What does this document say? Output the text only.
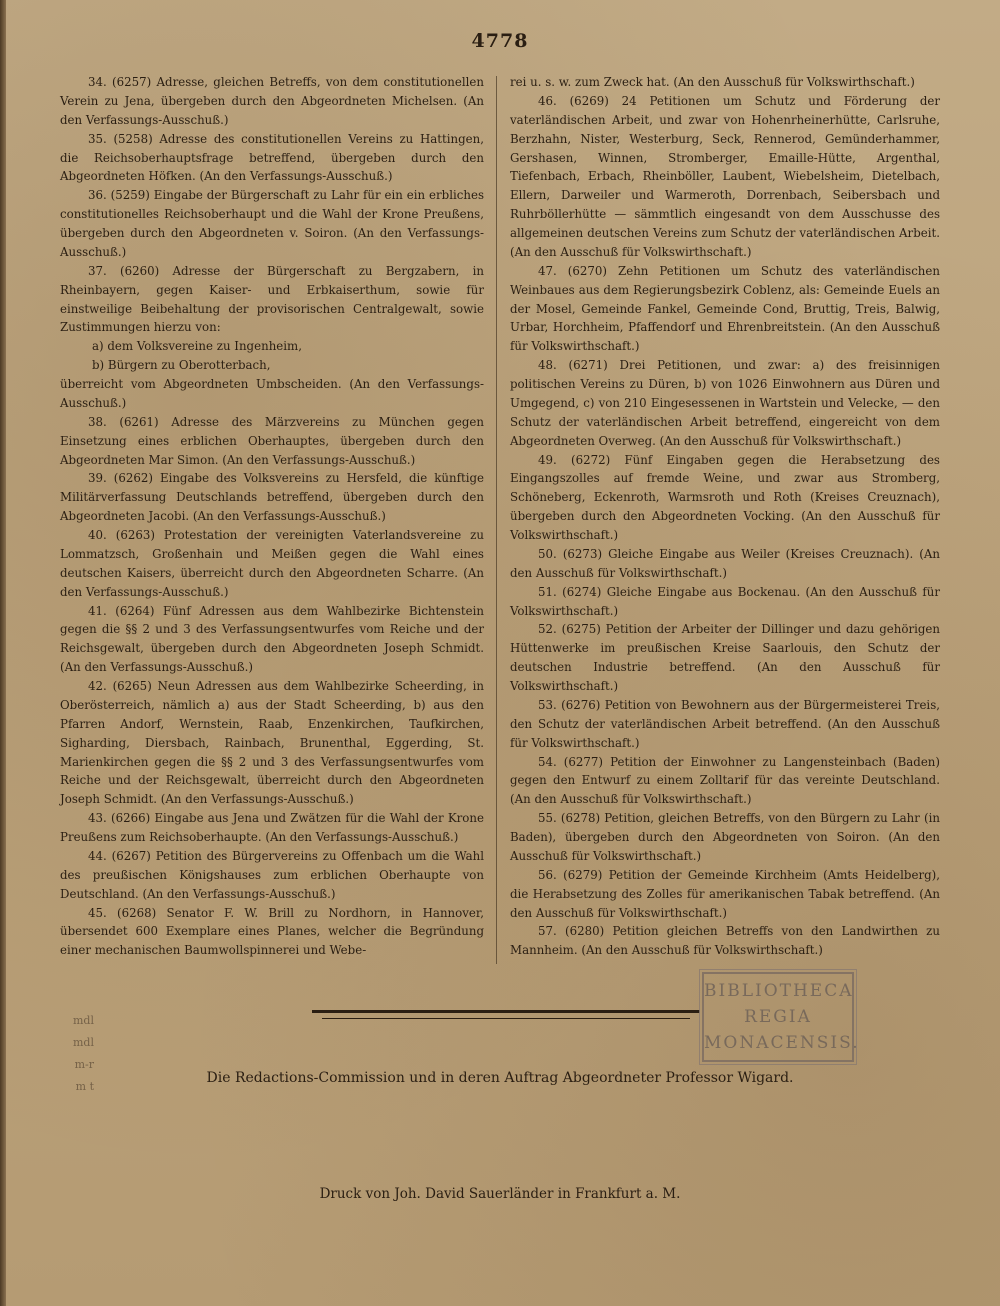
4778

34. (6257) Adresse, gleichen Betreffs, von dem constitutionellen Verein zu Jena, übergeben durch den Abgeordneten Michelsen. (An den Verfassungs-Ausschuß.)

35. (5258) Adresse des constitutionellen Vereins zu Hattingen, die Reichsoberhauptsfrage betreffend, übergeben durch den Abgeordneten Höfken. (An den Verfassungs-Ausschuß.)

36. (5259) Eingabe der Bürgerschaft zu Lahr für ein ein erbliches constitutionelles Reichsoberhaupt und die Wahl der Krone Preußens, übergeben durch den Abgeordneten v. Soiron. (An den Verfassungs-Ausschuß.)

37. (6260) Adresse der Bürgerschaft zu Bergzabern, in Rheinbayern, gegen Kaiser- und Erbkaiserthum, sowie für einstweilige Beibehaltung der provisorischen Centralgewalt, sowie Zustimmungen hierzu von:

a) dem Volksvereine zu Ingenheim,

b) Bürgern zu Oberotterbach,

überreicht vom Abgeordneten Umbscheiden. (An den Verfassungs-Ausschuß.)

38. (6261) Adresse des Märzvereins zu München gegen Einsetzung eines erblichen Oberhauptes, übergeben durch den Abgeordneten Mar Simon. (An den Verfassungs-Ausschuß.)

39. (6262) Eingabe des Volksvereins zu Hersfeld, die künftige Militärverfassung Deutschlands betreffend, übergeben durch den Abgeordneten Jacobi. (An den Verfassungs-Ausschuß.)

40. (6263) Protestation der vereinigten Vaterlandsvereine zu Lommatzsch, Großenhain und Meißen gegen die Wahl eines deutschen Kaisers, überreicht durch den Abgeordneten Scharre. (An den Verfassungs-Ausschuß.)

41. (6264) Fünf Adressen aus dem Wahlbezirke Bichtenstein gegen die §§ 2 und 3 des Verfassungsentwurfes vom Reiche und der Reichsgewalt, übergeben durch den Abgeordneten Joseph Schmidt. (An den Verfassungs-Ausschuß.)

42. (6265) Neun Adressen aus dem Wahlbezirke Scheerding, in Oberösterreich, nämlich a) aus der Stadt Scheerding, b) aus den Pfarren Andorf, Wernstein, Raab, Enzenkirchen, Taufkirchen, Sigharding, Diersbach, Rainbach, Brunenthal, Eggerding, St. Marienkirchen gegen die §§ 2 und 3 des Verfassungsentwurfes vom Reiche und der Reichsgewalt, überreicht durch den Abgeordneten Joseph Schmidt. (An den Verfassungs-Ausschuß.)

43. (6266) Eingabe aus Jena und Zwätzen für die Wahl der Krone Preußens zum Reichsoberhaupte. (An den Verfassungs-Ausschuß.)

44. (6267) Petition des Bürgervereins zu Offenbach um die Wahl des preußischen Königshauses zum erblichen Oberhaupte von Deutschland. (An den Verfassungs-Ausschuß.)

45. (6268) Senator F. W. Brill zu Nordhorn, in Hannover, übersendet 600 Exemplare eines Planes, welcher die Begründung einer mechanischen Baumwollspinnerei und Webe-

rei u. s. w. zum Zweck hat. (An den Ausschuß für Volkswirthschaft.)

46. (6269) 24 Petitionen um Schutz und Förderung der vaterländischen Arbeit, und zwar von Hohenrheinerhütte, Carlsruhe, Berzhahn, Nister, Westerburg, Seck, Rennerod, Gemünderhammer, Gershasen, Winnen, Stromberger, Emaille-Hütte, Argenthal, Tiefenbach, Erbach, Rheinböller, Laubent, Wiebelsheim, Dietelbach, Ellern, Darweiler und Warmeroth, Dorrenbach, Seibersbach und Ruhrböllerhütte — sämmtlich eingesandt von dem Ausschusse des allgemeinen deutschen Vereins zum Schutz der vaterländischen Arbeit. (An den Ausschuß für Volkswirthschaft.)

47. (6270) Zehn Petitionen um Schutz des vaterländischen Weinbaues aus dem Regierungsbezirk Coblenz, als: Gemeinde Euels an der Mosel, Gemeinde Fankel, Gemeinde Cond, Bruttig, Treis, Balwig, Urbar, Horchheim, Pfaffendorf und Ehrenbreitstein. (An den Ausschuß für Volkswirthschaft.)

48. (6271) Drei Petitionen, und zwar: a) des freisinnigen politischen Vereins zu Düren, b) von 1026 Einwohnern aus Düren und Umgegend, c) von 210 Eingesessenen in Wartstein und Velecke, — den Schutz der vaterländischen Arbeit betreffend, eingereicht von dem Abgeordneten Overweg. (An den Ausschuß für Volkswirthschaft.)

49. (6272) Fünf Eingaben gegen die Herabsetzung des Eingangszolles auf fremde Weine, und zwar aus Stromberg, Schöneberg, Eckenroth, Warmsroth und Roth (Kreises Creuznach), übergeben durch den Abgeordneten Vocking. (An den Ausschuß für Volkswirthschaft.)

50. (6273) Gleiche Eingabe aus Weiler (Kreises Creuznach). (An den Ausschuß für Volkswirthschaft.)

51. (6274) Gleiche Eingabe aus Bockenau. (An den Ausschuß für Volkswirthschaft.)

52. (6275) Petition der Arbeiter der Dillinger und dazu gehörigen Hüttenwerke im preußischen Kreise Saarlouis, den Schutz der deutschen Industrie betreffend. (An den Ausschuß für Volkswirthschaft.)

53. (6276) Petition von Bewohnern aus der Bürgermeisterei Treis, den Schutz der vaterländischen Arbeit betreffend. (An den Ausschuß für Volkswirthschaft.)

54. (6277) Petition der Einwohner zu Langensteinbach (Baden) gegen den Entwurf zu einem Zolltarif für das vereinte Deutschland. (An den Ausschuß für Volkswirthschaft.)

55. (6278) Petition, gleichen Betreffs, von den Bürgern zu Lahr (in Baden), übergeben durch den Abgeordneten von Soiron. (An den Ausschuß für Volkswirthschaft.)

56. (6279) Petition der Gemeinde Kirchheim (Amts Heidelberg), die Herabsetzung des Zolles für amerikanischen Tabak betreffend. (An den Ausschuß für Volkswirthschaft.)

57. (6280) Petition gleichen Betreffs von den Landwirthen zu Mannheim. (An den Ausschuß für Volkswirthschaft.)

BIBLIOTHECA
REGIA
MONACENSIS.
mdl
mdl
m-r
m t
Die Redactions-Commission und in deren Auftrag Abgeordneter Professor Wigard.
Druck von Joh. David Sauerländer in Frankfurt a. M.
